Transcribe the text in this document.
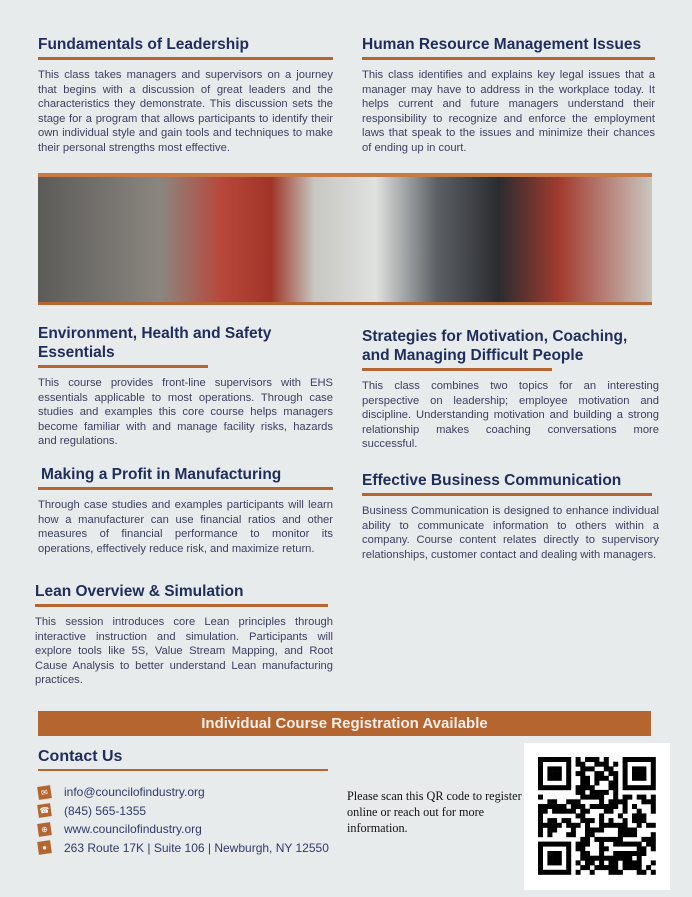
Fundamentals of Leadership

This class takes managers and supervisors on a journey that begins with a discussion of great leaders and the characteristics they demonstrate. This discussion sets the stage for a program that allows participants to identify their own individual style and gain tools and techniques to make their personal strengths most effective.

Human Resource Management Issues

This class identifies and explains key legal issues that a manager may have to address in the workplace today. It helps current and future managers understand their responsibility to recognize and enforce the employment laws that speak to the issues and minimize their chances of ending up in court.

Environment, Health and Safety Essentials

This course provides front-line supervisors with EHS essentials applicable to most operations. Through case studies and examples this core course helps managers become familiar with and manage facility risks, hazards and regulations.

Strategies for Motivation, Coaching, and Managing Difficult People

This class combines two topics for an interesting perspective on leadership; employee motivation and discipline. Understanding motivation and building a strong relationship makes coaching conversations more successful.

Making a Profit in Manufacturing

Through case studies and examples participants will learn how a manufacturer can use financial ratios and other measures of financial performance to monitor its operations, effectively reduce risk, and maximize return.

Effective Business Communication

Business Communication is designed to enhance individual ability to communicate information to others within a company. Course content relates directly to supervisory relationships, customer contact and dealing with managers.

Lean Overview & Simulation

This session introduces core Lean principles through interactive instruction and simulation. Participants will explore tools like 5S, Value Stream Mapping, and Root Cause Analysis to better understand Lean manufacturing practices.

Individual Course Registration Available
Contact Us
✉ info@councilofindustry.org
☎ (845) 565-1355
⊕ www.councilofindustry.org
●	263 Route 17K | Suite 106 | Newburgh, NY 12550
Please scan this QR code to register online or reach out for more information.
